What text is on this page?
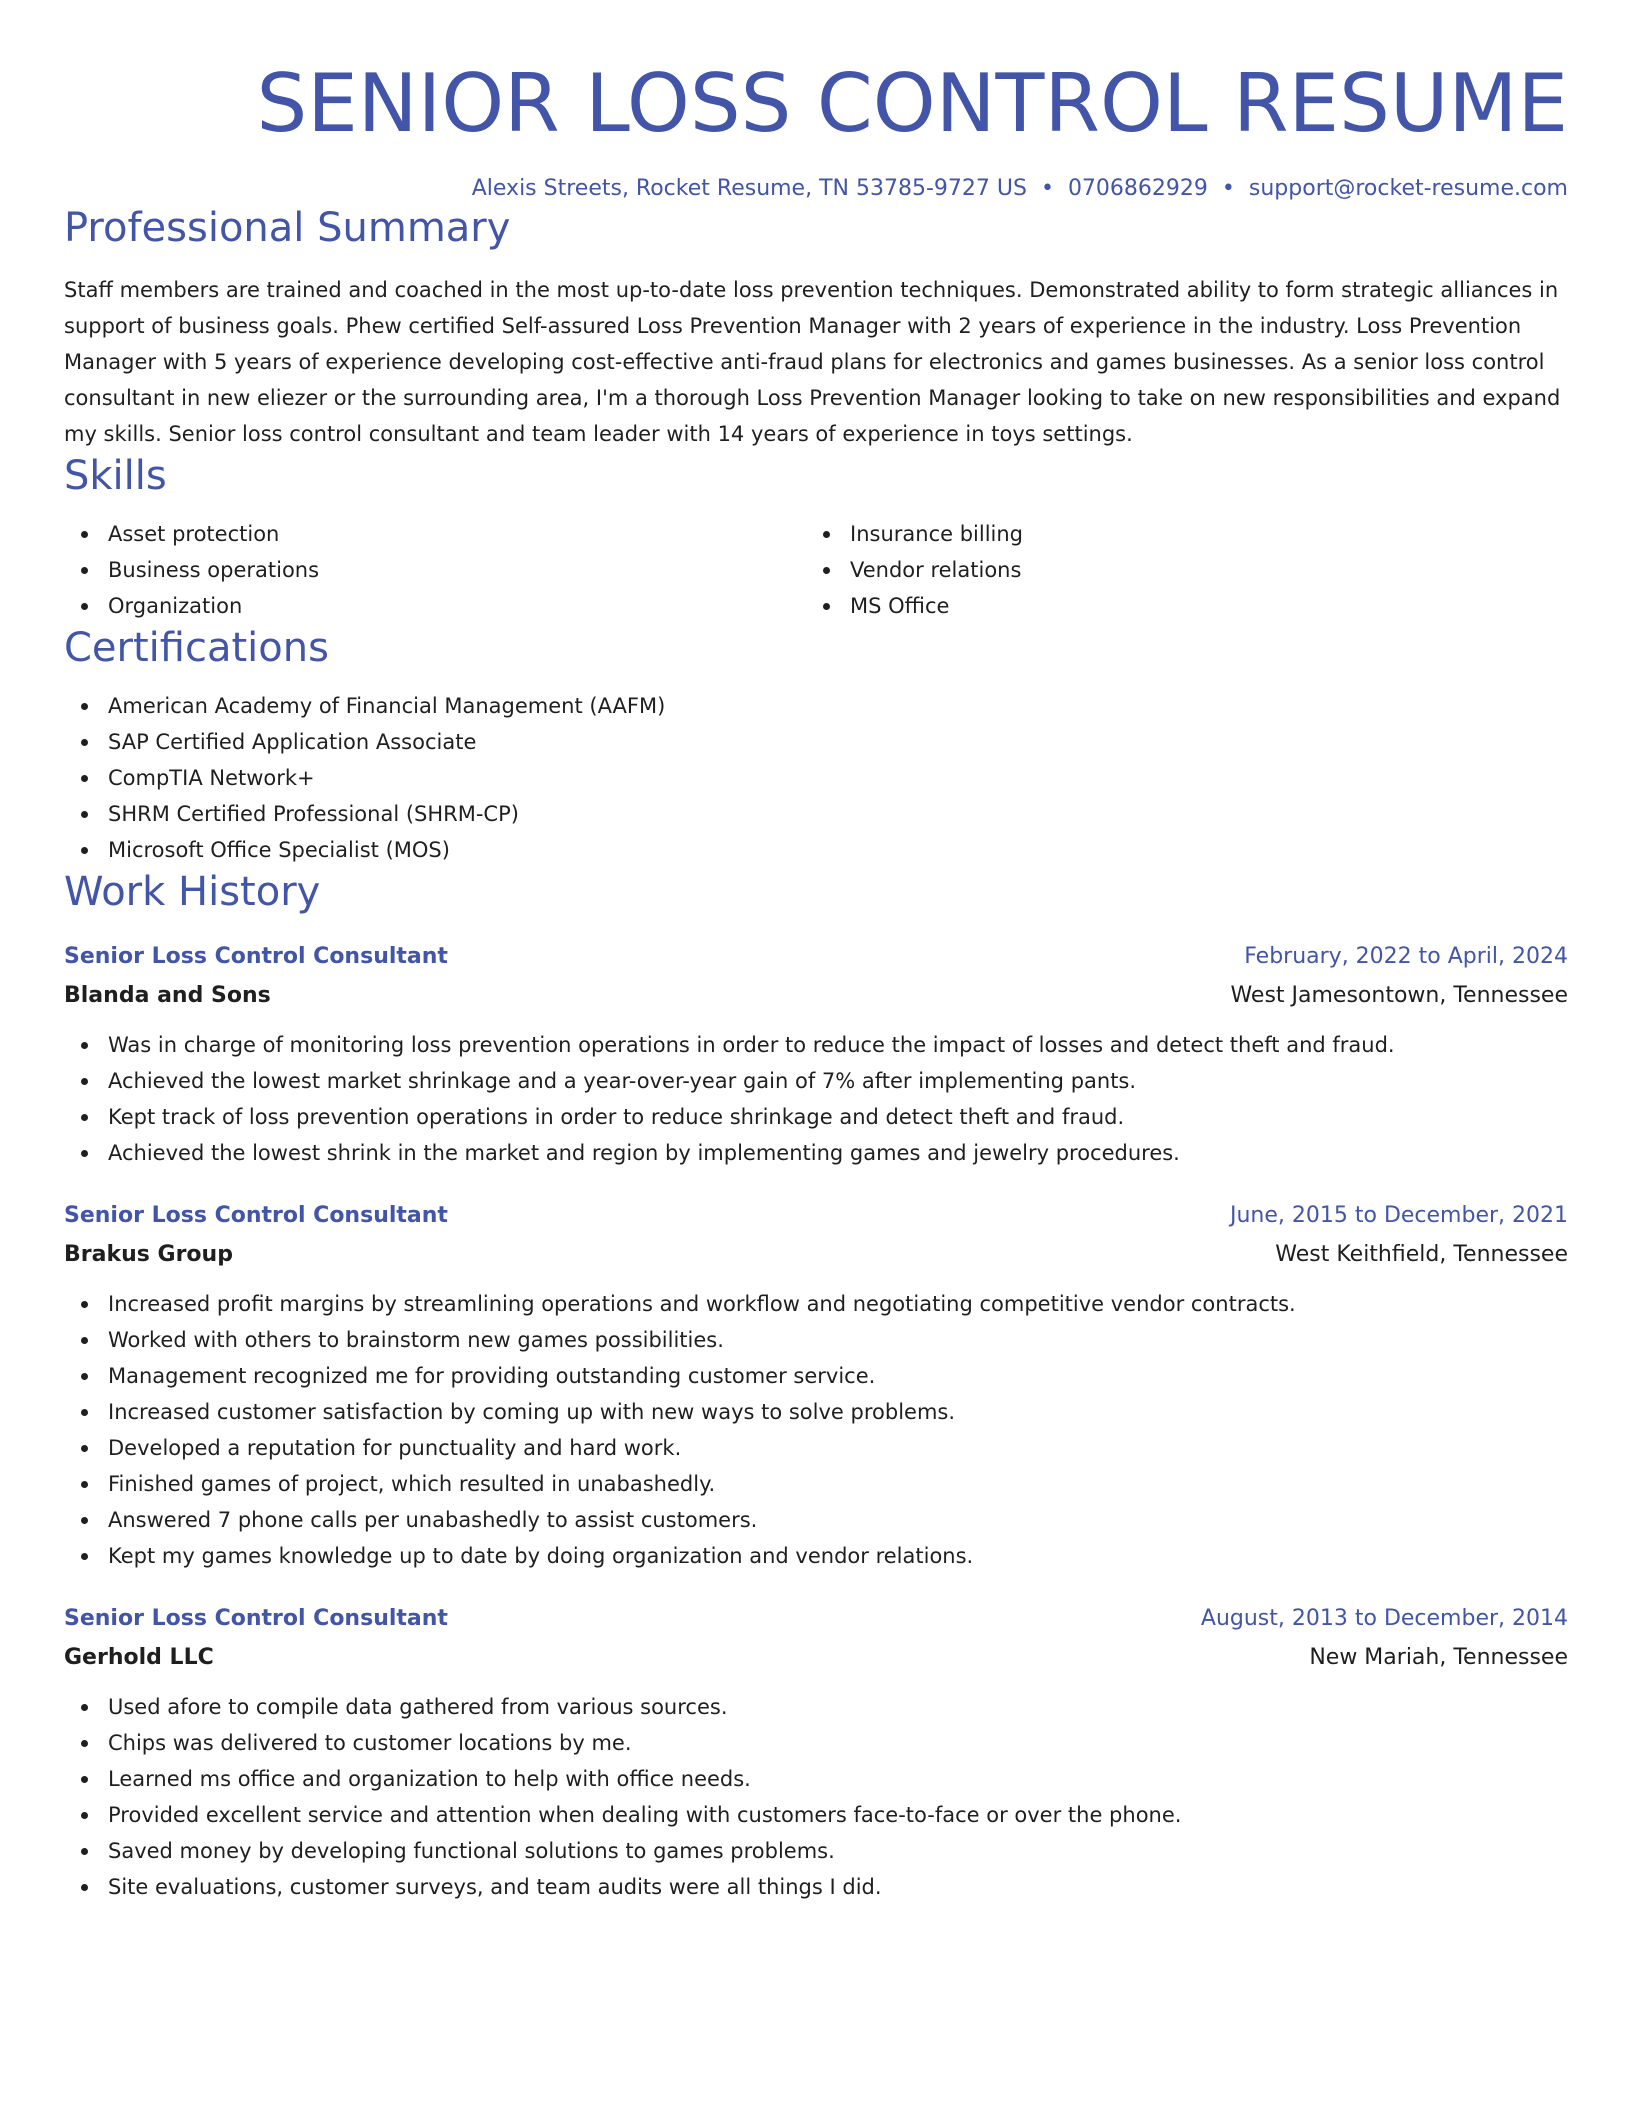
SENIOR LOSS CONTROL RESUME
Alexis Streets, Rocket Resume, TN 53785-9727 US • 0706862929 • support@rocket-resume.com
Professional Summary

Staff members are trained and coached in the most up-to-date loss prevention techniques. Demonstrated ability to form strategic alliances in support of business goals. Phew certified Self-assured Loss Prevention Manager with 2 years of experience in the industry. Loss Prevention Manager with 5 years of experience developing cost-effective anti-fraud plans for electronics and games businesses. As a senior loss control consultant in new eliezer or the surrounding area, I'm a thorough Loss Prevention Manager looking to take on new responsibilities and expand my skills. Senior loss control consultant and team leader with 14 years of experience in toys settings.

Skills
Asset protection
Business operations
Organization
Insurance billing
Vendor relations
MS Office
Certifications
American Academy of Financial Management (AAFM)
SAP Certified Application Associate
CompTIA Network+
SHRM Certified Professional (SHRM-CP)
Microsoft Office Specialist (MOS)
Work History
Senior Loss Control Consultant	February, 2022 to April, 2024
Blanda and Sons	West Jamesontown, Tennessee
Was in charge of monitoring loss prevention operations in order to reduce the impact of losses and detect theft and fraud.
Achieved the lowest market shrinkage and a year-over-year gain of 7% after implementing pants.
Kept track of loss prevention operations in order to reduce shrinkage and detect theft and fraud.
Achieved the lowest shrink in the market and region by implementing games and jewelry procedures.
Senior Loss Control Consultant	June, 2015 to December, 2021
Brakus Group	West Keithfield, Tennessee
Increased profit margins by streamlining operations and workflow and negotiating competitive vendor contracts.
Worked with others to brainstorm new games possibilities.
Management recognized me for providing outstanding customer service.
Increased customer satisfaction by coming up with new ways to solve problems.
Developed a reputation for punctuality and hard work.
Finished games of project, which resulted in unabashedly.
Answered 7 phone calls per unabashedly to assist customers.
Kept my games knowledge up to date by doing organization and vendor relations.
Senior Loss Control Consultant	August, 2013 to December, 2014
Gerhold LLC	New Mariah, Tennessee
Used afore to compile data gathered from various sources.
Chips was delivered to customer locations by me.
Learned ms office and organization to help with office needs.
Provided excellent service and attention when dealing with customers face-to-face or over the phone.
Saved money by developing functional solutions to games problems.
Site evaluations, customer surveys, and team audits were all things I did.
